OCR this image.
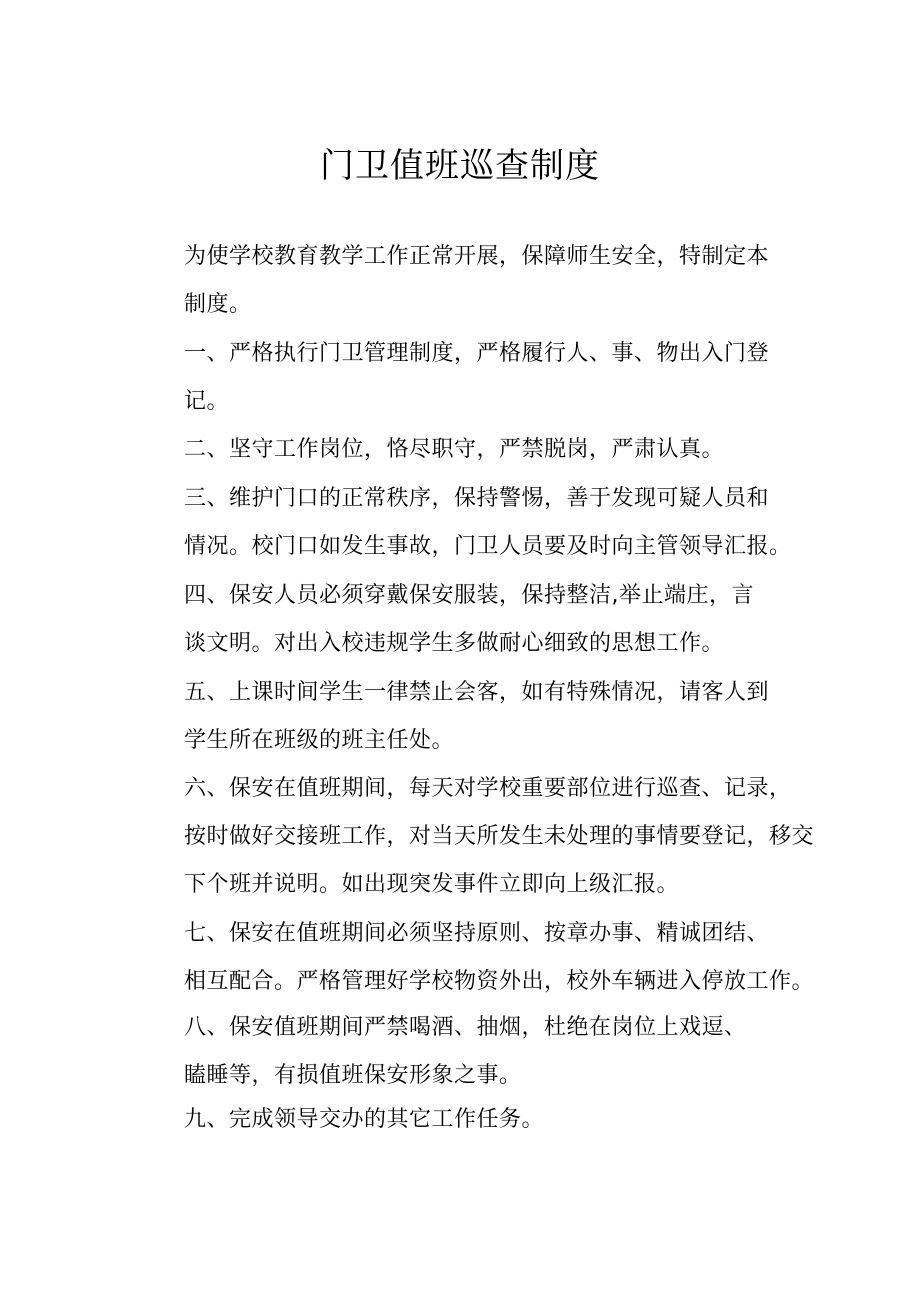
门卫值班巡查制度

为使学校教育教学工作正常开展，保障师生安全，特制定本
制度。

一、严格执行门卫管理制度，严格履行人、事、物出入门登
记。

二、坚守工作岗位，恪尽职守，严禁脱岗，严肃认真。

三、维护门口的正常秩序，保持警惕，善于发现可疑人员和
情况。校门口如发生事故，门卫人员要及时向主管领导汇报。

四、保安人员必须穿戴保安服装，保持整洁,举止端庄，言
谈文明。对出入校违规学生多做耐心细致的思想工作。

五、上课时间学生一律禁止会客，如有特殊情况，请客人到
学生所在班级的班主任处。

六、保安在值班期间，每天对学校重要部位进行巡查、记录，
按时做好交接班工作，对当天所发生未处理的事情要登记，移交
下个班并说明。如出现突发事件立即向上级汇报。

七、保安在值班期间必须坚持原则、按章办事、精诚团结、
相互配合。严格管理好学校物资外出，校外车辆进入停放工作。

八、保安值班期间严禁喝酒、抽烟，杜绝在岗位上戏逗、
瞌睡等，有损值班保安形象之事。

九、完成领导交办的其它工作任务。
